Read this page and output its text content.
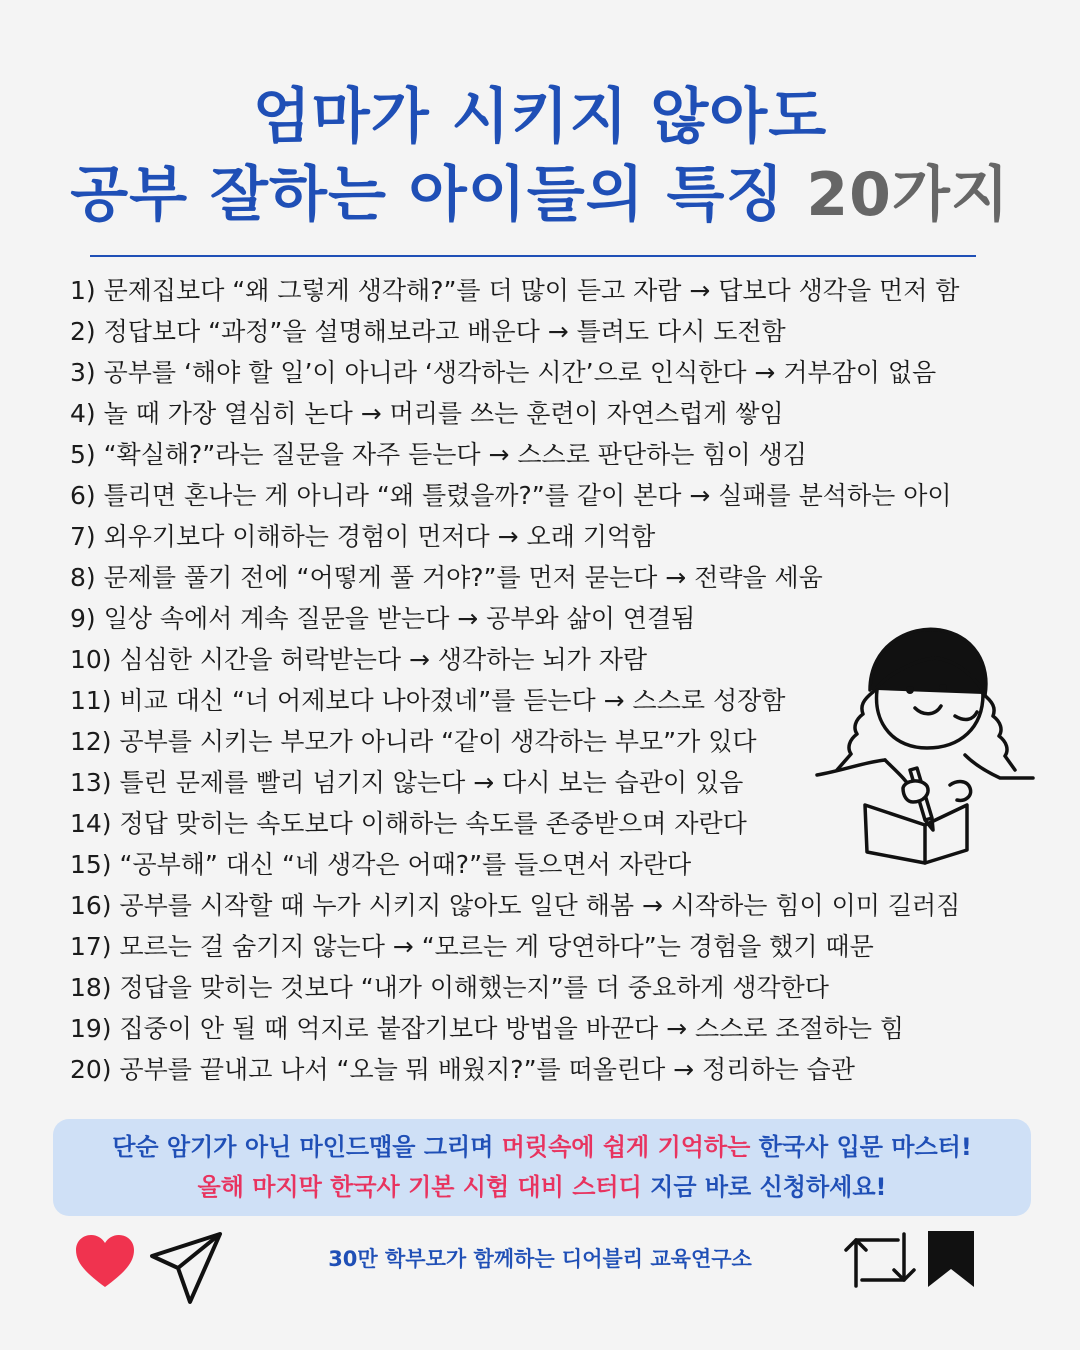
엄마가 시키지 않아도
공부 잘하는 아이들의 특징 20가지
1) 문제집보다 “왜 그렇게 생각해?”를 더 많이 듣고 자람 → 답보다 생각을 먼저 함
2) 정답보다 “과정”을 설명해보라고 배운다 → 틀려도 다시 도전함
3) 공부를 ‘해야 할 일’이 아니라 ‘생각하는 시간’으로 인식한다 → 거부감이 없음
4) 놀 때 가장 열심히 논다 → 머리를 쓰는 훈련이 자연스럽게 쌓임
5) “확실해?”라는 질문을 자주 듣는다 → 스스로 판단하는 힘이 생김
6) 틀리면 혼나는 게 아니라 “왜 틀렸을까?”를 같이 본다 → 실패를 분석하는 아이
7) 외우기보다 이해하는 경험이 먼저다 → 오래 기억함
8) 문제를 풀기 전에 “어떻게 풀 거야?”를 먼저 묻는다 → 전략을 세움
9) 일상 속에서 계속 질문을 받는다 → 공부와 삶이 연결됨
10) 심심한 시간을 허락받는다 → 생각하는 뇌가 자람
11) 비교 대신 “너 어제보다 나아졌네”를 듣는다 → 스스로 성장함
12) 공부를 시키는 부모가 아니라 “같이 생각하는 부모”가 있다
13) 틀린 문제를 빨리 넘기지 않는다 → 다시 보는 습관이 있음
14) 정답 맞히는 속도보다 이해하는 속도를 존중받으며 자란다
15) “공부해” 대신 “네 생각은 어때?”를 들으면서 자란다
16) 공부를 시작할 때 누가 시키지 않아도 일단 해봄 → 시작하는 힘이 이미 길러짐
17) 모르는 걸 숨기지 않는다 → “모르는 게 당연하다”는 경험을 했기 때문
18) 정답을 맞히는 것보다 “내가 이해했는지”를 더 중요하게 생각한다
19) 집중이 안 될 때 억지로 붙잡기보다 방법을 바꾼다 → 스스로 조절하는 힘
20) 공부를 끝내고 나서 “오늘 뭐 배웠지?”를 떠올린다 → 정리하는 습관
단순 암기가 아닌 마인드맵을 그리며 머릿속에 쉽게 기억하는 한국사 입문 마스터!
올해 마지막 한국사 기본 시험 대비 스터디 지금 바로 신청하세요!
30만 학부모가 함께하는 디어블리 교육연구소
